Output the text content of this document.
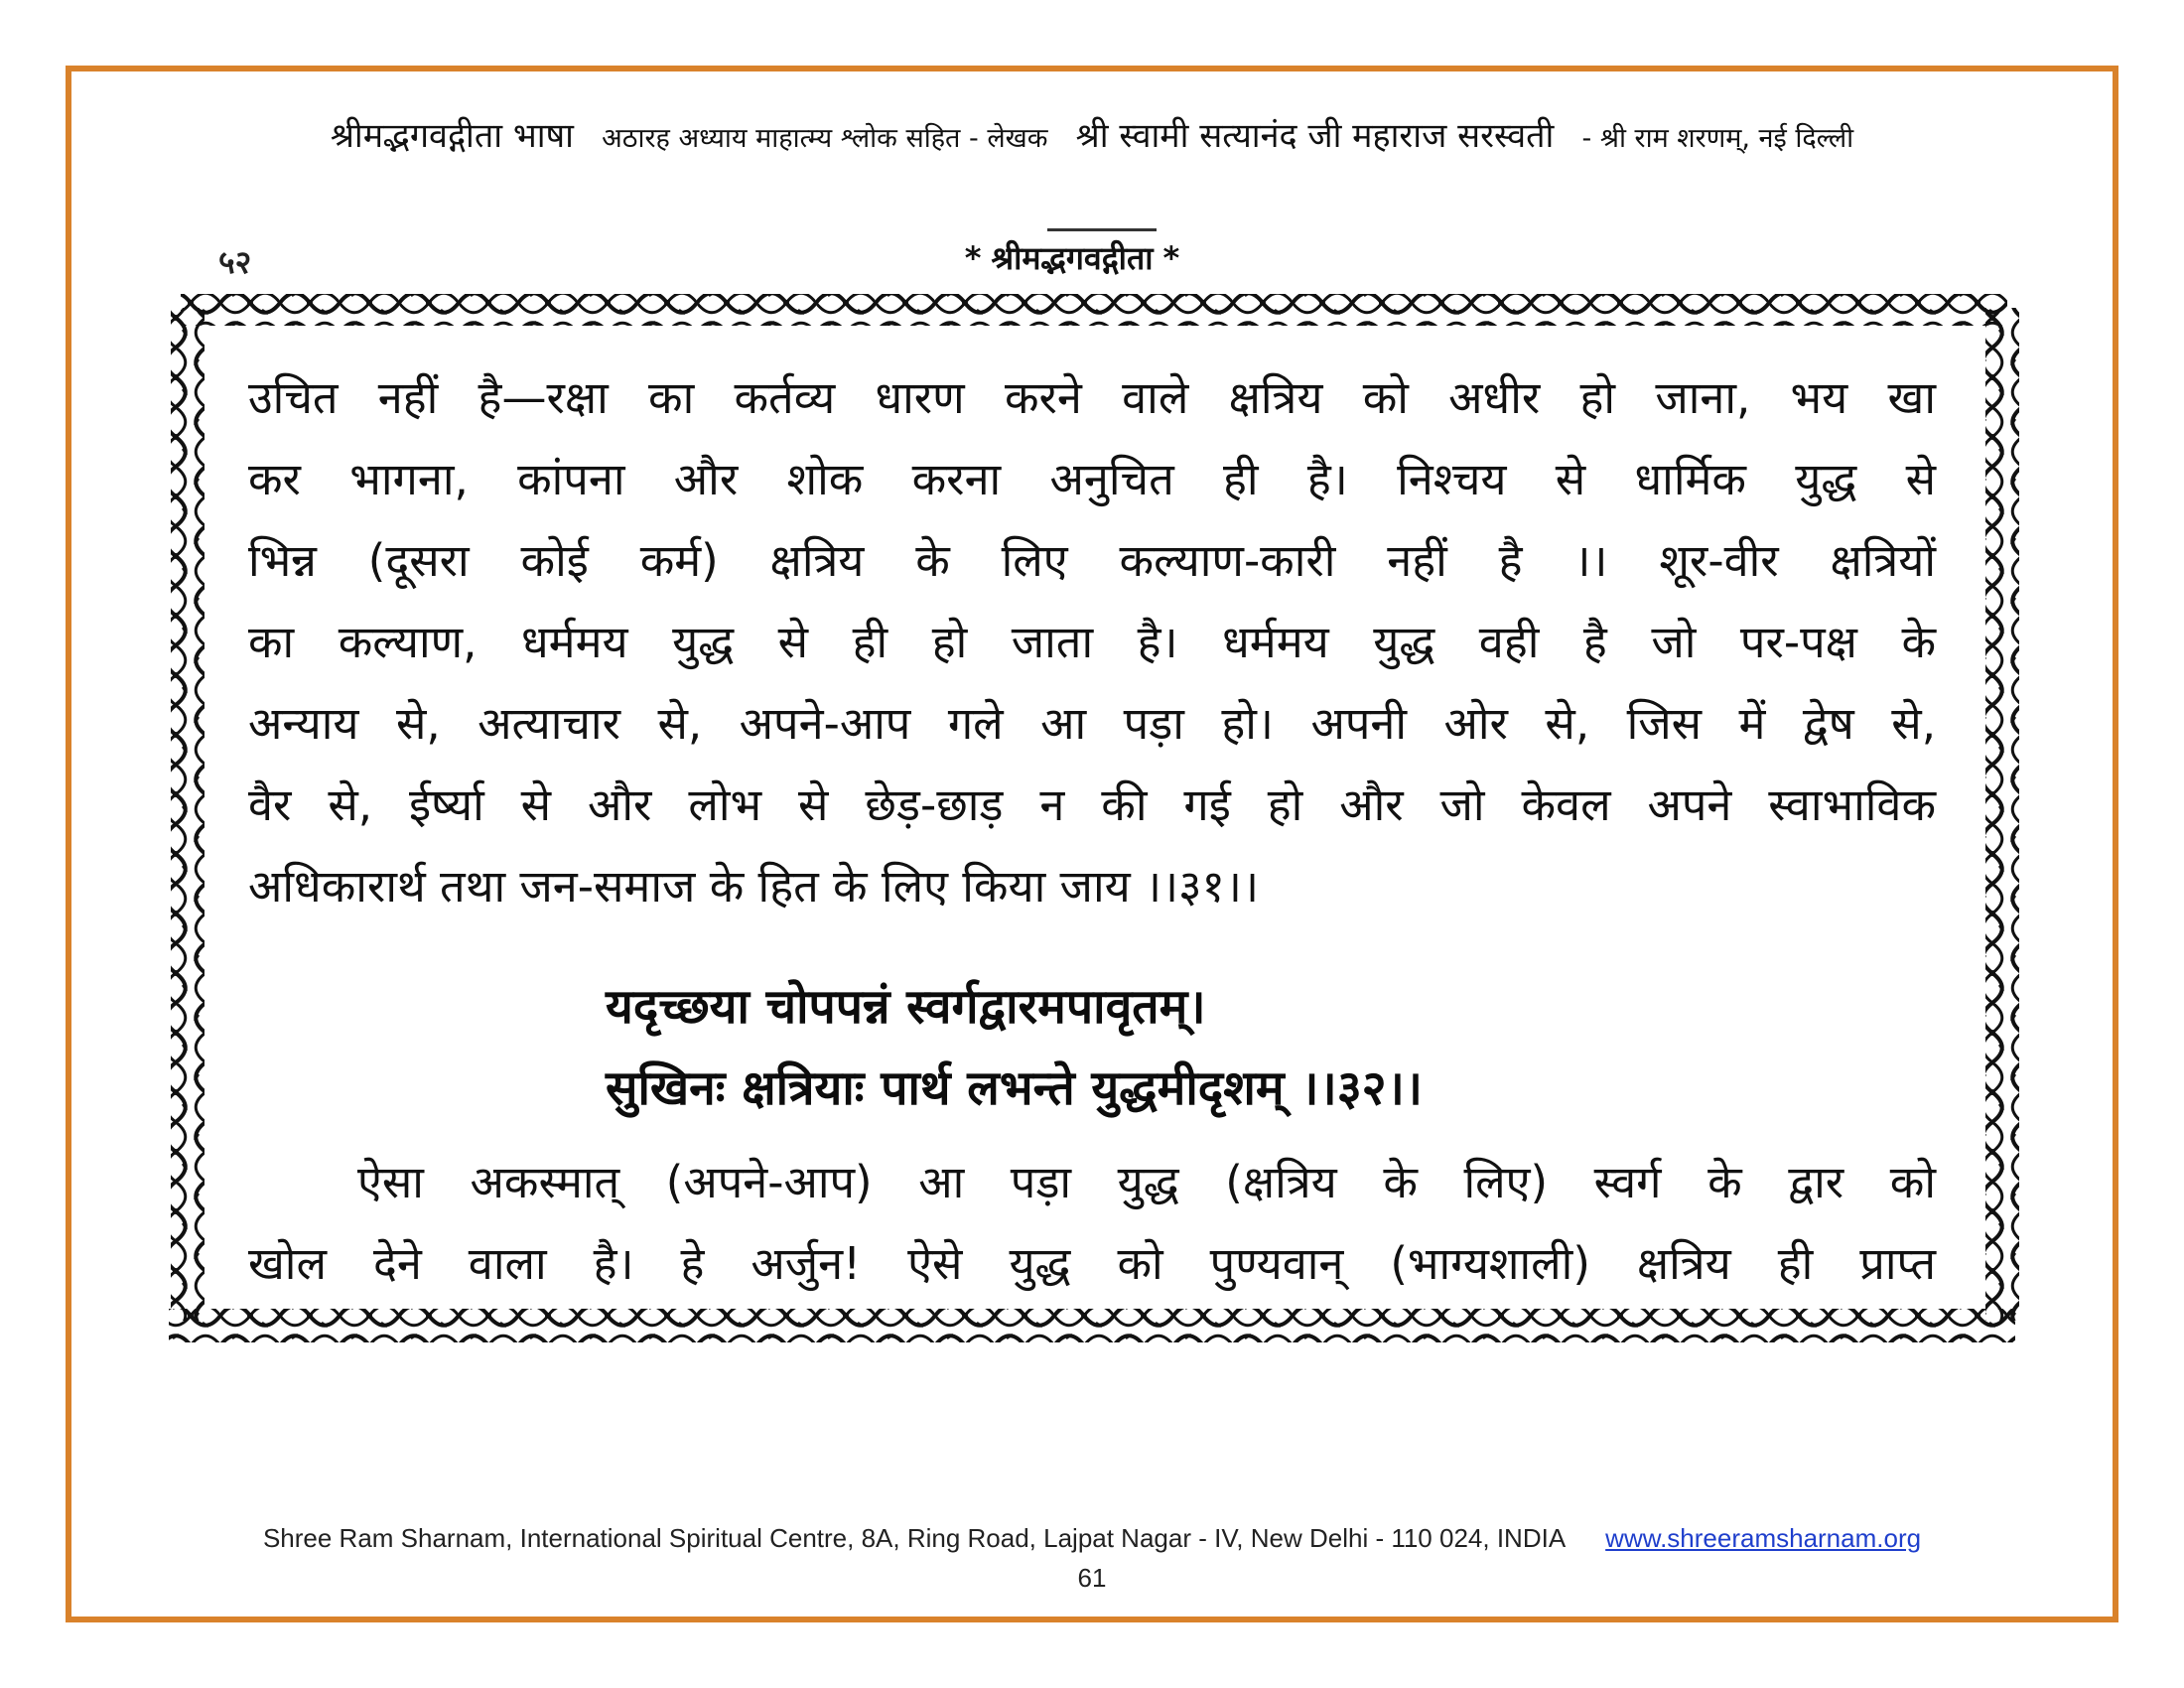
श्रीमद्भगवद्गीता भाषा अठारह अध्याय माहात्म्य श्लोक सहित - लेखक श्री स्वामी सत्यानंद जी महाराज सरस्वती - श्री राम शरणम्, नई दिल्ली
५२	* श्रीमद्भगवद्गीता *
उचित नहीं है—रक्षा का कर्तव्य धारण करने वाले क्षत्रिय को अधीर हो जाना, भय खा
कर भागना, कांपना और शोक करना अनुचित ही है। निश्चय से धार्मिक युद्ध से
भिन्न (दूसरा कोई कर्म) क्षत्रिय के लिए कल्याण-कारी नहीं है ।। शूर-वीर क्षत्रियों
का कल्याण, धर्ममय युद्ध से ही हो जाता है। धर्ममय युद्ध वही है जो पर-पक्ष के
अन्याय से, अत्याचार से, अपने-आप गले आ पड़ा हो। अपनी ओर से, जिस में द्वेष से,
वैर से, ईर्ष्या से और लोभ से छेड़-छाड़ न की गई हो और जो केवल अपने स्वाभाविक
अधिकारार्थ तथा जन-समाज के हित के लिए किया जाय ।।३१।।
यदृच्छया चोपपन्नं स्वर्गद्वारमपावृतम्।
सुखिनः क्षत्रियाः पार्थ लभन्ते युद्धमीदृशम् ।।३२।।
ऐसा अकस्मात् (अपने-आप) आ पड़ा युद्ध (क्षत्रिय के लिए) स्वर्ग के द्वार को
खोल देने वाला है। हे अर्जुन! ऐसे युद्ध को पुण्यवान् (भाग्यशाली) क्षत्रिय ही प्राप्त
Shree Ram Sharnam, International Spiritual Centre, 8A, Ring Road, Lajpat Nagar - IV, New Delhi - 110 024, INDIA www.shreeramsharnam.org
61
